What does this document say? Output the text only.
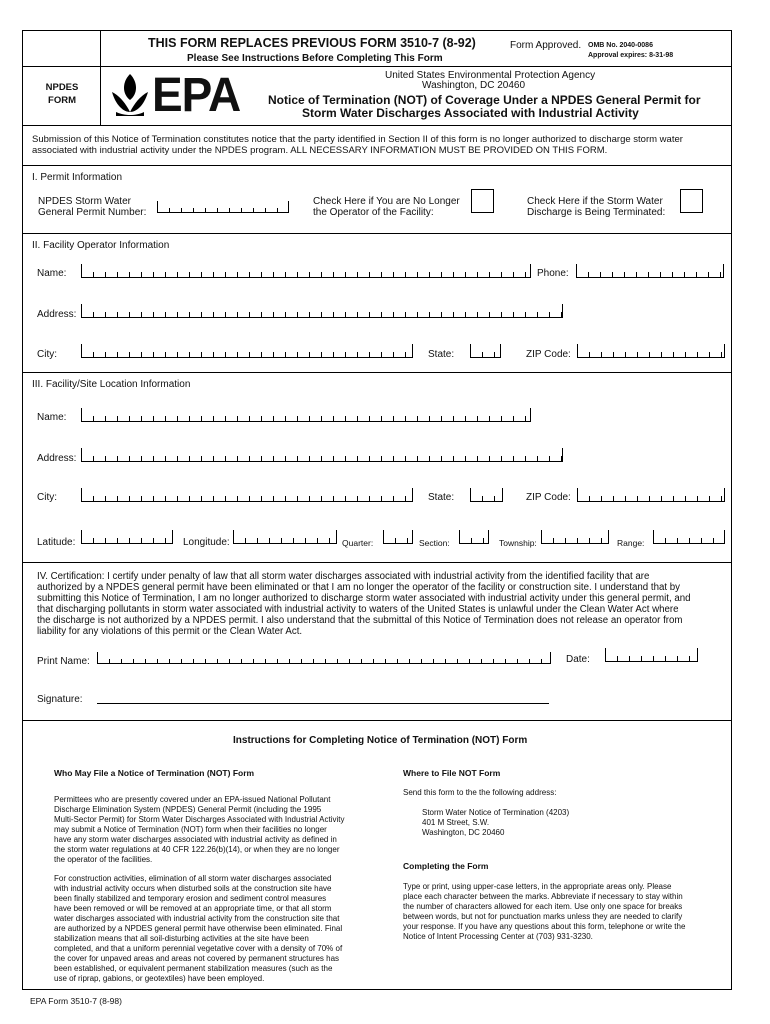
THIS FORM REPLACES PREVIOUS FORM 3510-7 (8-92)
Please See Instructions Before Completing This Form
Form Approved. OMB No. 2040-0086
Approval expires: 8-31-98
NPDES
FORM EPA	United States Environmental Protection Agency
Washington, DC 20460
Notice of Termination (NOT) of Coverage Under a NPDES General Permit for
Storm Water Discharges Associated with Industrial Activity
Submission of this Notice of Termination constitutes notice that the party identified in Section II of this form is no longer authorized to discharge storm water
associated with industrial activity under the NPDES program. ALL NECESSARY INFORMATION MUST BE PROVIDED ON THIS FORM.
I. Permit Information
NPDES Storm Water
General Permit Number:
Check Here if You are No Longer
the Operator of the Facility:
Check Here if the Storm Water
Discharge is Being Terminated:
II. Facility Operator Information
Name:	Phone:
Address:
City:	State:	ZIP Code:
III. Facility/Site Location Information
Name:
Address:
City:	State:	ZIP Code:
Latitude:	Longitude:	Quarter:	Section:	Township:	Range:
IV. Certification: I certify under penalty of law that all storm water discharges associated with industrial activity from the identified facility that are
authorized by a NPDES general permit have been eliminated or that I am no longer the operator of the facility or construction site. I understand that by
submitting this Notice of Termination, I am no longer authorized to discharge storm water associated with industrial activity under this general permit, and
that discharging pollutants in storm water associated with industrial activity to waters of the United States is unlawful under the Clean Water Act where
the discharge is not authorized by a NPDES permit. I also understand that the submittal of this Notice of Termination does not release an operator from
liability for any violations of this permit or the Clean Water Act.
Print Name:	Date:
Signature:
Instructions for Completing Notice of Termination (NOT) Form
Who May File a Notice of Termination (NOT) Form
Permittees who are presently covered under an EPA-issued National Pollutant
Discharge Elimination System (NPDES) General Permit (including the 1995
Multi-Sector Permit) for Storm Water Discharges Associated with Industrial Activity
may submit a Notice of Termination (NOT) form when their facilities no longer
have any storm water discharges associated with industrial activity as defined in
the storm water regulations at 40 CFR 122.26(b)(14), or when they are no longer
the operator of the facilities.
For construction activities, elimination of all storm water discharges associated
with industrial activity occurs when disturbed soils at the construction site have
been finally stabilized and temporary erosion and sediment control measures
have been removed or will be removed at an appropriate time, or that all storm
water discharges associated with industrial activity from the construction site that
are authorized by a NPDES general permit have otherwise been eliminated. Final
stabilization means that all soil-disturbing activities at the site have been
completed, and that a uniform perennial vegetative cover with a density of 70% of
the cover for unpaved areas and areas not covered by permanent structures has
been established, or equivalent permanent stabilization measures (such as the
use of riprap, gabions, or geotextiles) have been employed.
Where to File NOT Form
Send this form to the the following address:
Storm Water Notice of Termination (4203)
401 M Street, S.W.
Washington, DC 20460
Completing the Form
Type or print, using upper-case letters, in the appropriate areas only. Please
place each character between the marks. Abbreviate if necessary to stay within
the number of characters allowed for each item. Use only one space for breaks
between words, but not for punctuation marks unless they are needed to clarify
your response. If you have any questions about this form, telephone or write the
Notice of Intent Processing Center at (703) 931-3230.
EPA Form 3510-7 (8-98)
